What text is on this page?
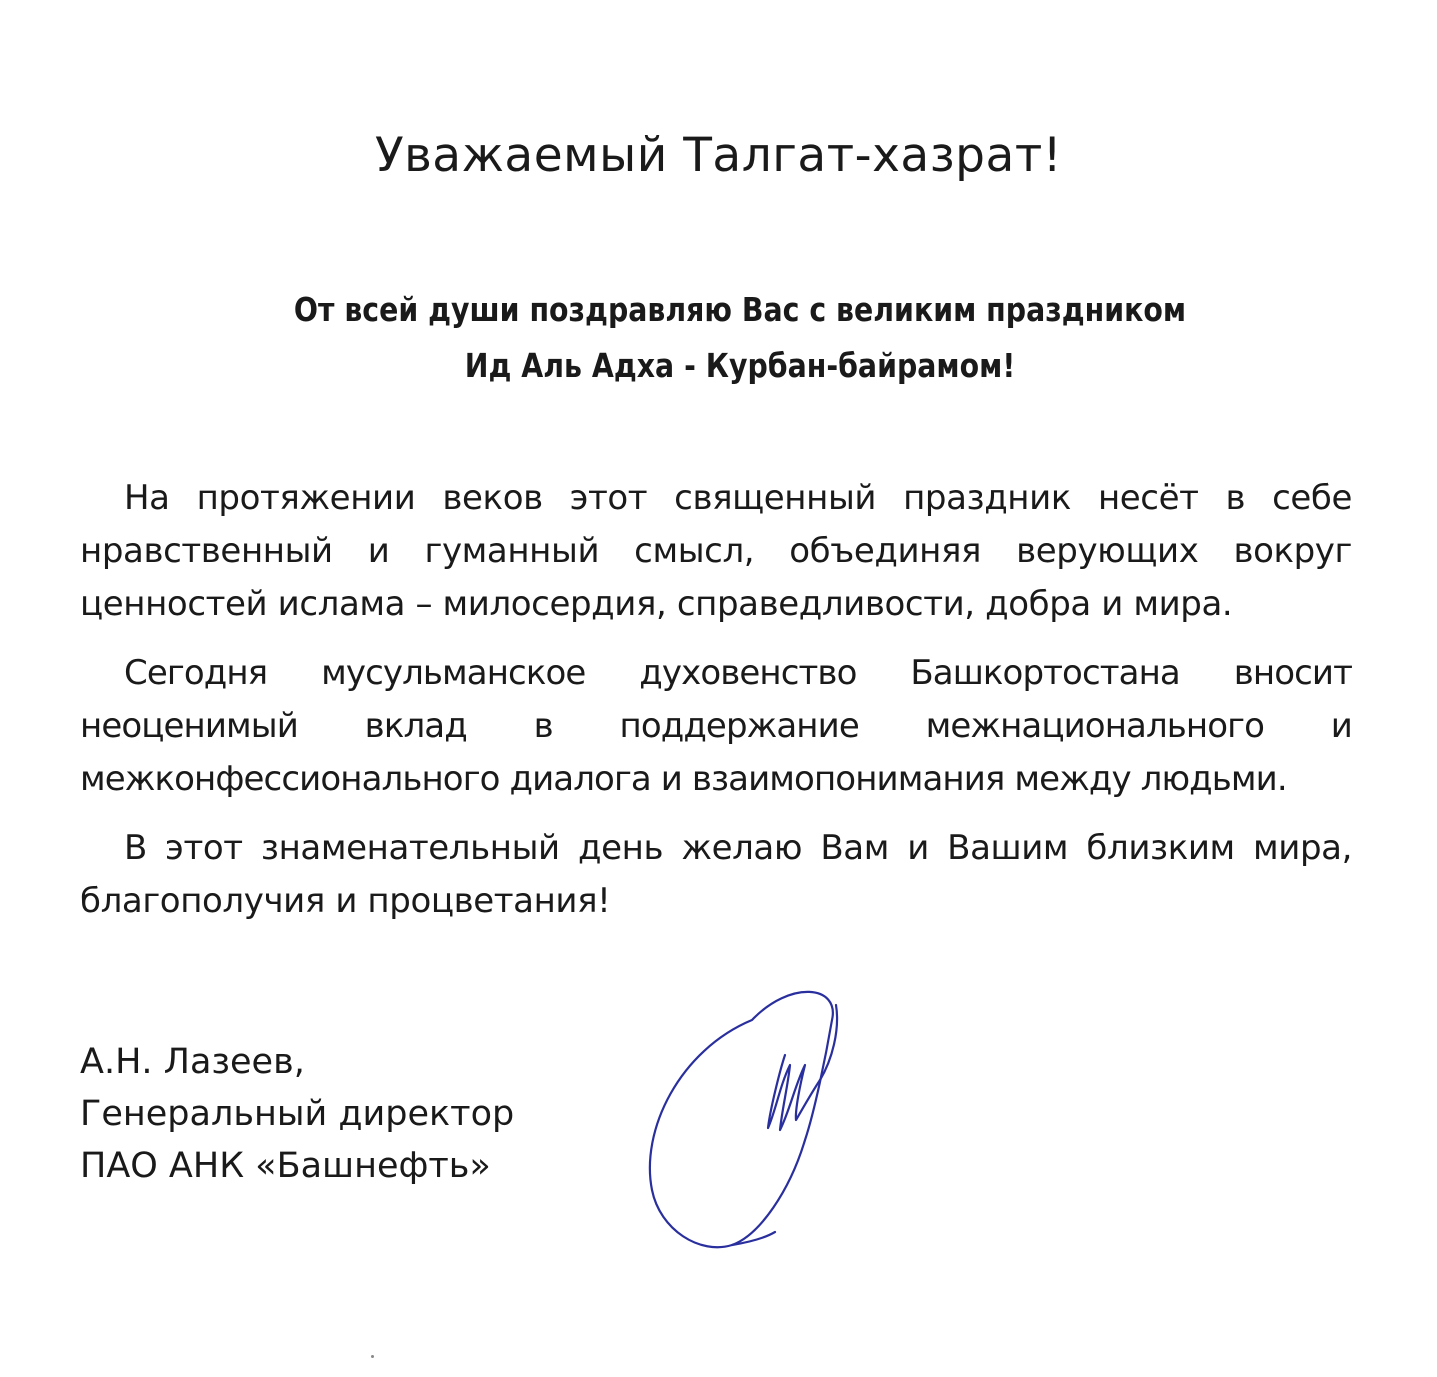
Уважаемый Талгат-хазрат!
От всей души поздравляю Вас с великим праздником
Ид Аль Адха - Курбан-байрамом!

На протяжении веков этот священный праздник несёт в себе нравственный и гуманный смысл, объединяя верующих вокруг ценностей ислама – милосердия, справедливости, добра и мира.

Сегодня мусульманское духовенство Башкортостана вносит неоценимый вклад в поддержание межнационального и межконфессионального диалога и взаимопонимания между людьми.

В этот знаменательный день желаю Вам и Вашим близким мира, благополучия и процветания!

А.Н. Лазеев,
Генеральный директор
ПАО АНК «Башнефть»
